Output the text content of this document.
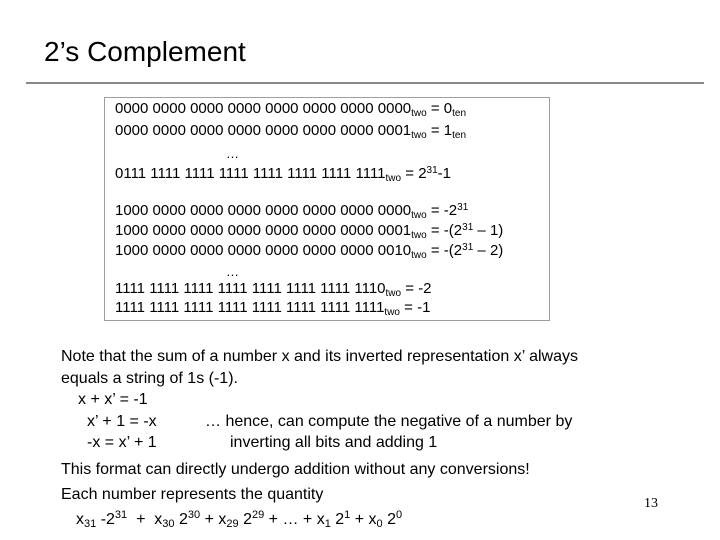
2’s Complement
0000 0000 0000 0000 0000 0000 0000 $0000_{two} = 0_{ten}$
0000 0000 0000 0000 0000 0000 0000 $0001_{two} = 1_{ten}$
…
0111 1111 1111 1111 1111 1111 1111 $1111_{two} = 2^{31}-1$
1000 0000 0000 0000 0000 0000 0000 $0000_{two} = -2^{31}$
1000 0000 0000 0000 0000 0000 0000 $0001_{two} = -(2^{31} - 1)$
1000 0000 0000 0000 0000 0000 0000 $0010_{two} = -(2^{31} - 2)$
…
1111 1111 1111 1111 1111 1111 1111 $1110_{two} = -2$
1111 1111 1111 1111 1111 1111 1111 $1111_{two} = -1$
Note that the sum of a number x and its inverted representation x’ always
equals a string of 1s (-1).
x + x’ = -1
x’ + 1 = -x	… hence, can compute the negative of a number by
-x = x’ + 1	inverting all bits and adding 1
This format can directly undergo addition without any conversions!
Each number represents the quantity
$x_{31}$ $-2^{31} + x_{30}$ $2^{30} + x_{29}$ $2^{29}$ + … + $x_1$ $2^1 + x_0$ $2^0$
13
